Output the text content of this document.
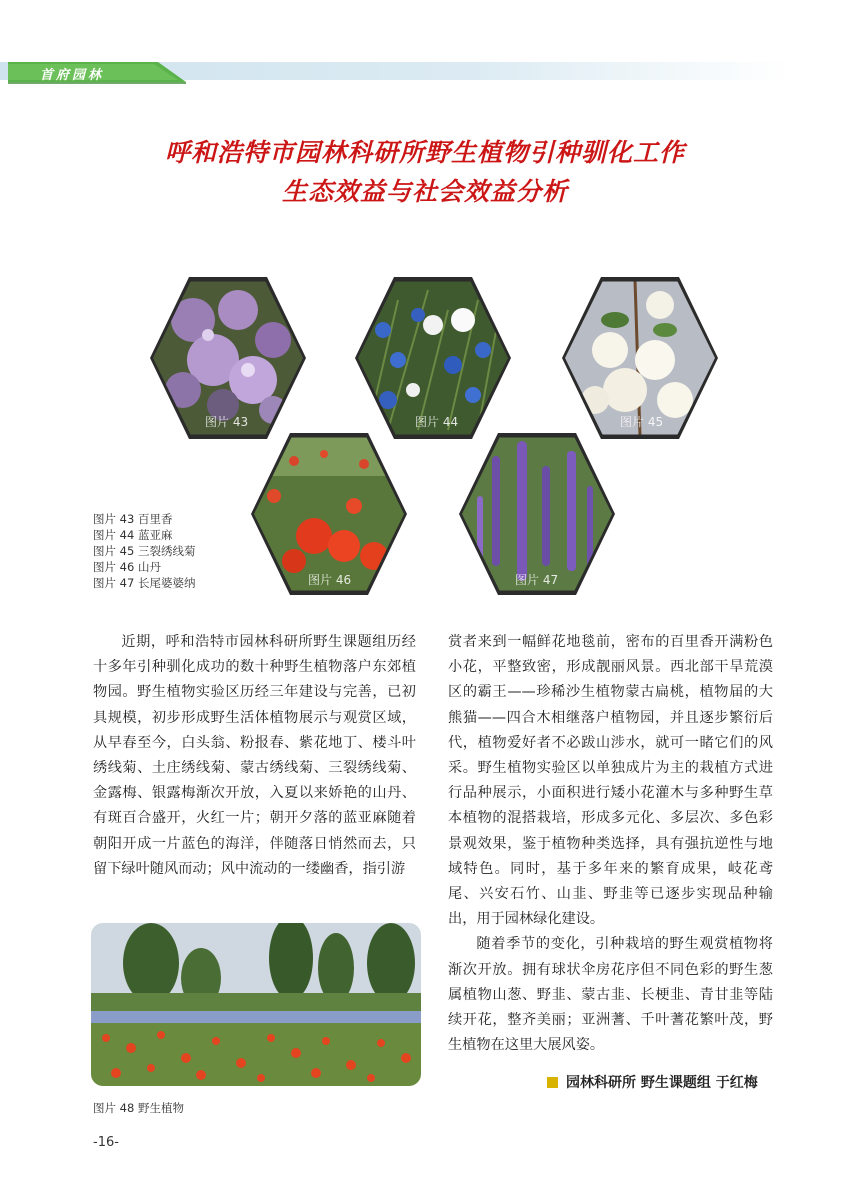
首府园林
呼和浩特市园林科研所野生植物引种驯化工作
生态效益与社会效益分析
图片 43	图片 44	图片 45
图片 46	图片 47
图片 43 百里香
图片 44 蓝亚麻
图片 45 三裂绣线菊
图片 46 山丹
图片 47 长尾婆婆纳

近期，呼和浩特市园林科研所野生课题组历经十多年引种驯化成功的数十种野生植物落户东郊植物园。野生植物实验区历经三年建设与完善，已初具规模，初步形成野生活体植物展示与观赏区域，从早春至今，白头翁、粉报春、紫花地丁、楼斗叶绣线菊、土庄绣线菊、蒙古绣线菊、三裂绣线菊、金露梅、银露梅渐次开放，入夏以来娇艳的山丹、有斑百合盛开，火红一片；朝开夕落的蓝亚麻随着朝阳开成一片蓝色的海洋，伴随落日悄然而去，只留下绿叶随风而动；风中流动的一缕幽香，指引游

赏者来到一幅鲜花地毯前，密布的百里香开满粉色小花，平整致密，形成靓丽风景。西北部干旱荒漠区的霸王——珍稀沙生植物蒙古扁桃，植物届的大熊猫——四合木相继落户植物园，并且逐步繁衍后代，植物爱好者不必跋山涉水，就可一睹它们的风采。野生植物实验区以单独成片为主的栽植方式进行品种展示，小面积进行矮小花灌木与多种野生草本植物的混搭栽培，形成多元化、多层次、多色彩景观效果，鉴于植物种类选择，具有强抗逆性与地域特色。同时，基于多年来的繁育成果，岐花鸢尾、兴安石竹、山韭、野韭等已逐步实现品种输出，用于园林绿化建设。

随着季节的变化，引种栽培的野生观赏植物将渐次开放。拥有球状伞房花序但不同色彩的野生葱属植物山葱、野韭、蒙古韭、长梗韭、青甘韭等陆续开花，整齐美丽；亚洲蓍、千叶蓍花繁叶茂，野生植物在这里大展风姿。

图片 48 野生植物
园林科研所 野生课题组 于红梅
-16-
